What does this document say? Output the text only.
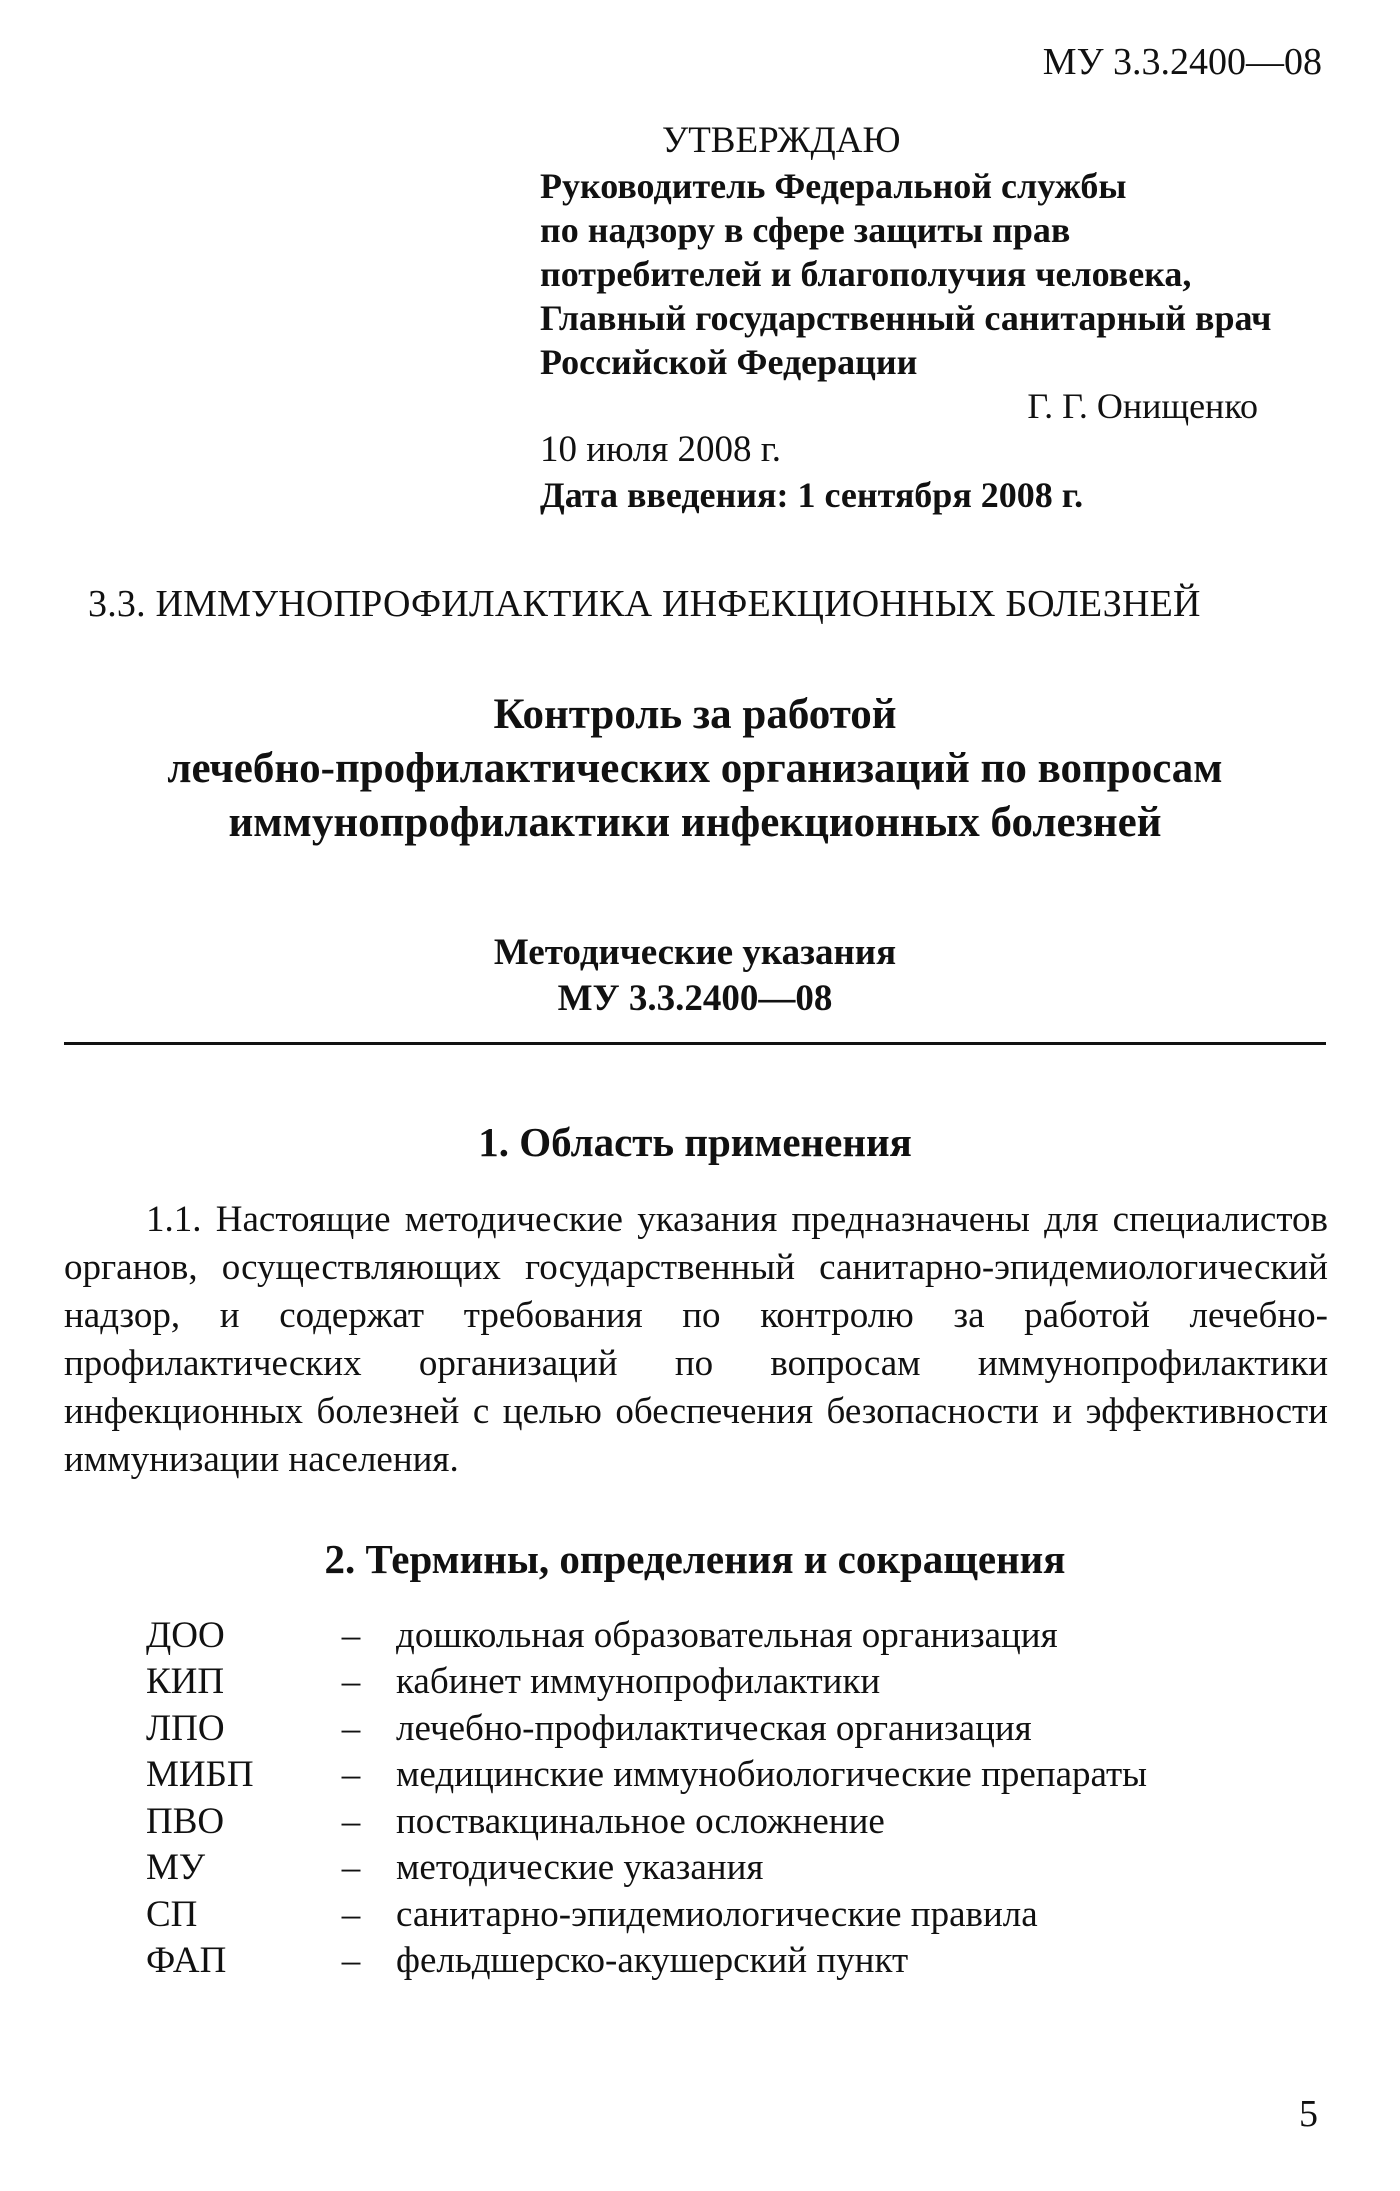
МУ 3.3.2400—08
УТВЕРЖДАЮ
Руководитель Федеральной службы
по надзору в сфере защиты прав
потребителей и благополучия человека,
Главный государственный санитарный врач
Российской Федерации
Г. Г. Онищенко
10 июля 2008 г.
Дата введения: 1 сентября 2008 г.
3.3. ИММУНОПРОФИЛАКТИКА ИНФЕКЦИОННЫХ БОЛЕЗНЕЙ
Контроль за работой
лечебно-профилактических организаций по вопросам
иммунопрофилактики инфекционных болезней
Методические указания
МУ 3.3.2400—08
1. Область применения
1.1. Настоящие методические указания предназначены для специалистов органов, осуществляющих государственный санитарно-эпидемиологический надзор, и содержат требования по контролю за работой лечебно-профилактических организаций по вопросам иммунопрофилактики инфекционных болезней с целью обеспечения безопасности и эффективности иммунизации населения.
2. Термины, определения и сокращения
ДОО	– дошкольная образовательная организация
КИП	– кабинет иммунопрофилактики
ЛПО	– лечебно-профилактическая организация
МИБП	– медицинские иммунобиологические препараты
ПВО	– поствакцинальное осложнение
МУ	– методические указания
СП	– санитарно-эпидемиологические правила
ФАП	– фельдшерско-акушерский пункт
5
